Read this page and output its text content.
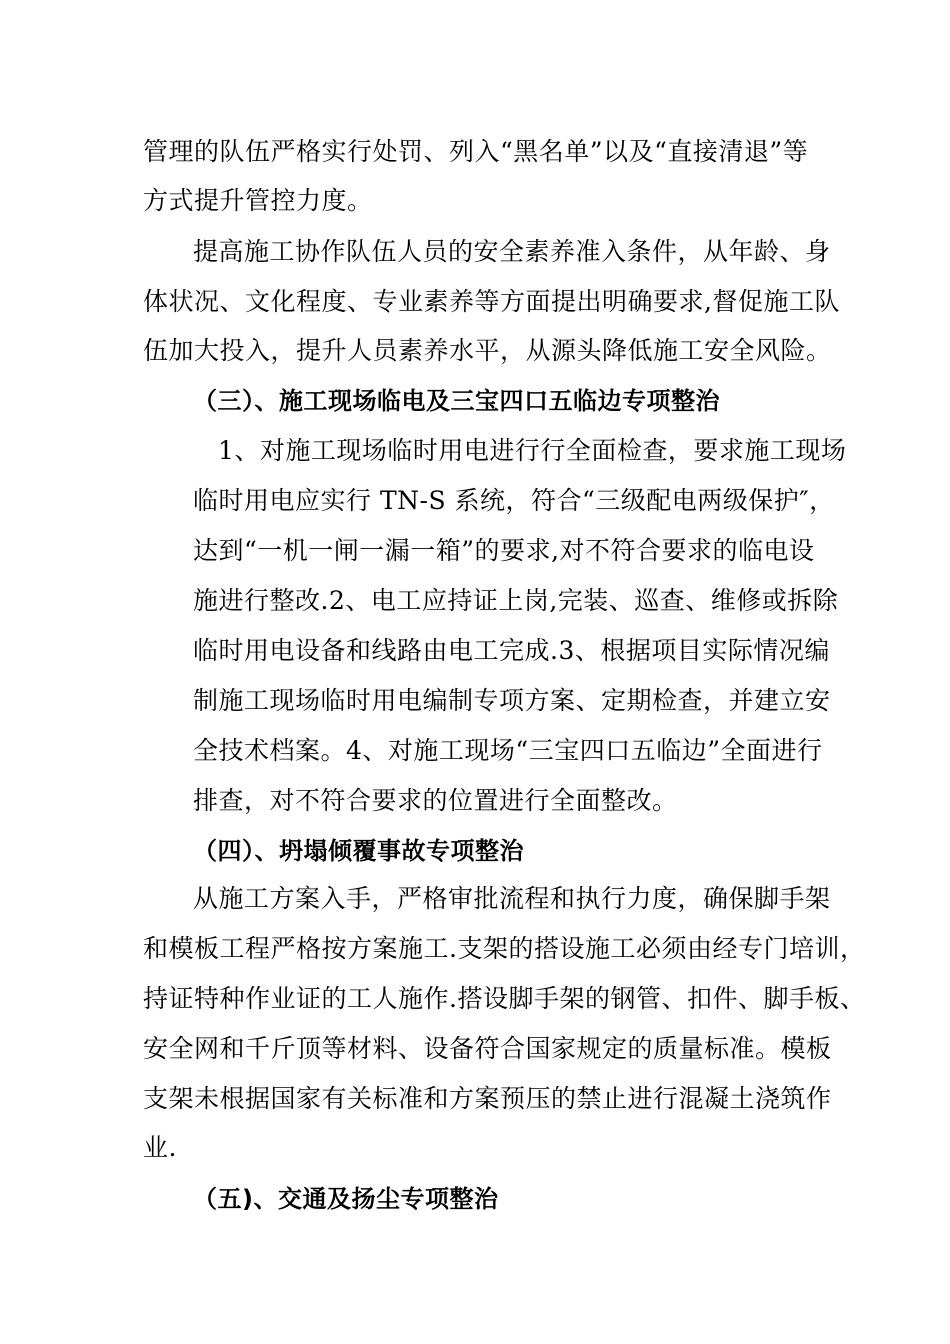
管理的队伍严格实行处罚、列入“黑名单”以及“直接清退”等
方式提升管控力度。
提高施工协作队伍人员的安全素养准入条件，从年龄、身
体状况、文化程度、专业素养等方面提出明确要求,督促施工队
伍加大投入，提升人员素养水平，从源头降低施工安全风险。
（三）、施工现场临电及三宝四口五临边专项整治
1、对施工现场临时用电进行行全面检查，要求施工现场
临时用电应实行 TN-S 系统，符合“三级配电两级保护″，
达到“一机一闸一漏一箱”的要求,对不符合要求的临电设
施进行整改.2、电工应持证上岗,完装、巡查、维修或拆除
临时用电设备和线路由电工完成.3、根据项目实际情况编
制施工现场临时用电编制专项方案、定期检查，并建立安
全技术档案。4、对施工现场“三宝四口五临边”全面进行
排查，对不符合要求的位置进行全面整改。
（四）、坍塌倾覆事故专项整治
从施工方案入手，严格审批流程和执行力度，确保脚手架
和模板工程严格按方案施工.支架的搭设施工必须由经专门培训，
持证特种作业证的工人施作.搭设脚手架的钢管、扣件、脚手板、
安全网和千斤顶等材料、设备符合国家规定的质量标准。模板
支架未根据国家有关标准和方案预压的禁止进行混凝土浇筑作
业.
（五)、交通及扬尘专项整治
